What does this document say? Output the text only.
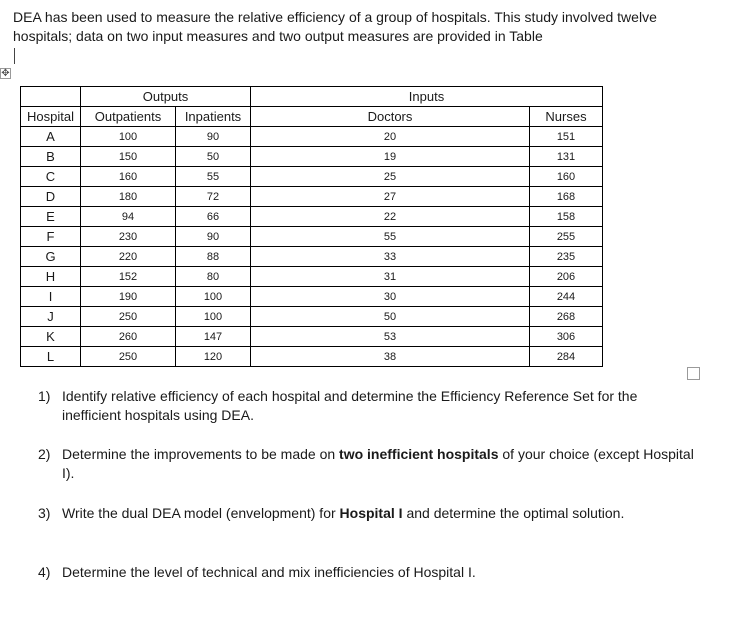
DEA has been used to measure the relative efficiency of a group of hospitals. This study involved twelve hospitals; data on two input measures and two output measures are provided in Table

✥
	Outputs		Inputs	
Hospital	Outpatients	Inpatients	Doctors	Nurses
A	100	90	20	151
B	150	50	19	131
C	160	55	25	160
D	180	72	27	168
E	94	66	22	158
F	230	90	55	255
G	220	88	33	235
H	152	80	31	206
I	190	100	30	244
J	250	100	50	268
K	260	147	53	306
L	250	120	38	284
1) Identify relative efficiency of each hospital and determine the Efficiency Reference Set for the inefficient hospitals using DEA.
2) Determine the improvements to be made on two inefficient hospitals of your choice (except Hospital I).
3) Write the dual DEA model (envelopment) for Hospital I and determine the optimal solution.
4) Determine the level of technical and mix inefficiencies of Hospital I.
